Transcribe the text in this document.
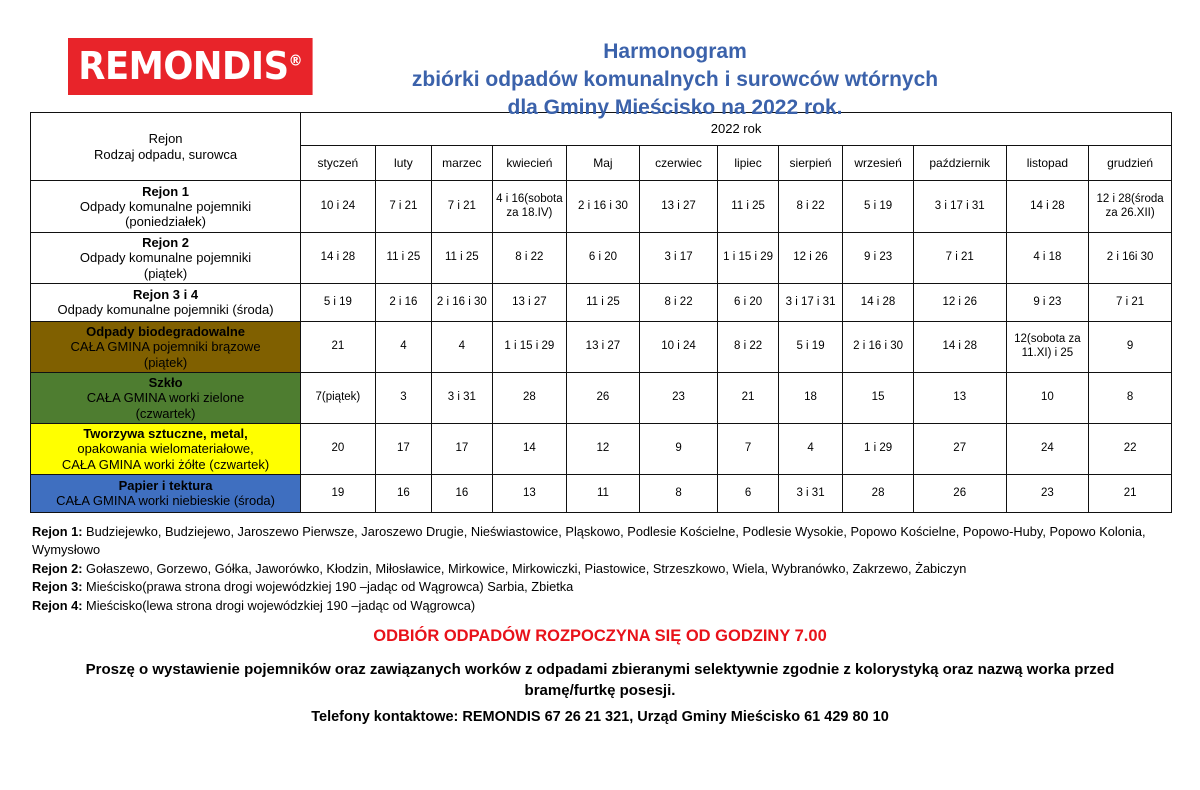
REMONDIS®	Harmonogram
zbiórki odpadów komunalnych i surowców wtórnych
dla Gminy Mieścisko na 2022 rok.
Rejon
Rodzaj odpadu, surowca	2022 rok											
	styczeń	luty	marzec	kwiecień	Maj	czerwiec	lipiec	sierpień	wrzesień	październik	listopad	grudzień

Rejon 1
Odpady komunalne pojemniki
(poniedziałek)	10 i 24	7 i 21	7 i 21	4 i 16(sobota za 18.IV)	2 i 16 i 30	13 i 27	11 i 25	8 i 22	5 i 19	3 i 17 i 31	14 i 28	12 i 28(środa za 26.XII)

Rejon 2
Odpady komunalne pojemniki
(piątek)	14 i 28	11 i 25	11 i 25	8 i 22	6 i 20	3 i 17	1 i 15 i 29	12 i 26	9 i 23	7 i 21	4 i 18	2 i 16i 30

Rejon 3 i 4
Odpady komunalne pojemniki (środa)	5 i 19	2 i 16	2 i 16 i 30	13 i 27	11 i 25	8 i 22	6 i 20	3 i 17 i 31	14 i 28	12 i 26	9 i 23	7 i 21

Odpady biodegradowalne
CAŁA GMINA pojemniki brązowe
(piątek)	21	4	4	1 i 15 i 29	13 i 27	10 i 24	8 i 22	5 i 19	2 i 16 i 30	14 i 28	12(sobota za 11.XI) i 25	9

Szkło
CAŁA GMINA worki zielone
(czwartek)	7(piątek)	3	3 i 31	28	26	23	21	18	15	13	10	8

Tworzywa sztuczne, metal,
opakowania wielomateriałowe,
CAŁA GMINA worki żółte (czwartek)	20	17	17	14	12	9	7	4	1 i 29	27	24	22

Papier i tektura
CAŁA GMINA worki niebieskie (środa)	19	16	16	13	11	8	6	3 i 31	28	26	23	21
Rejon 1: Budziejewko, Budziejewo, Jaroszewo Pierwsze, Jaroszewo Drugie, Nieświastowice, Pląskowo, Podlesie Kościelne, Podlesie Wysokie, Popowo Kościelne, Popowo-Huby, Popowo Kolonia, Wymysłowo
Rejon 2: Gołaszewo, Gorzewo, Gółka, Jaworówko, Kłodzin, Miłosławice, Mirkowice, Mirkowiczki, Piastowice, Strzeszkowo, Wiela, Wybranówko, Zakrzewo, Żabiczyn
Rejon 3: Mieścisko(prawa strona drogi wojewódzkiej 190 –jadąc od Wągrowca) Sarbia, Zbietka
Rejon 4: Mieścisko(lewa strona drogi wojewódzkiej 190 –jadąc od Wągrowca)
ODBIÓR ODPADÓW ROZPOCZYNA SIĘ OD GODZINY 7.00
Proszę o wystawienie pojemników oraz zawiązanych worków z odpadami zbieranymi selektywnie zgodnie z kolorystyką oraz nazwą worka przed bramę/furtkę posesji.
Telefony kontaktowe: REMONDIS 67 26 21 321, Urząd Gminy Mieścisko 61 429 80 10
